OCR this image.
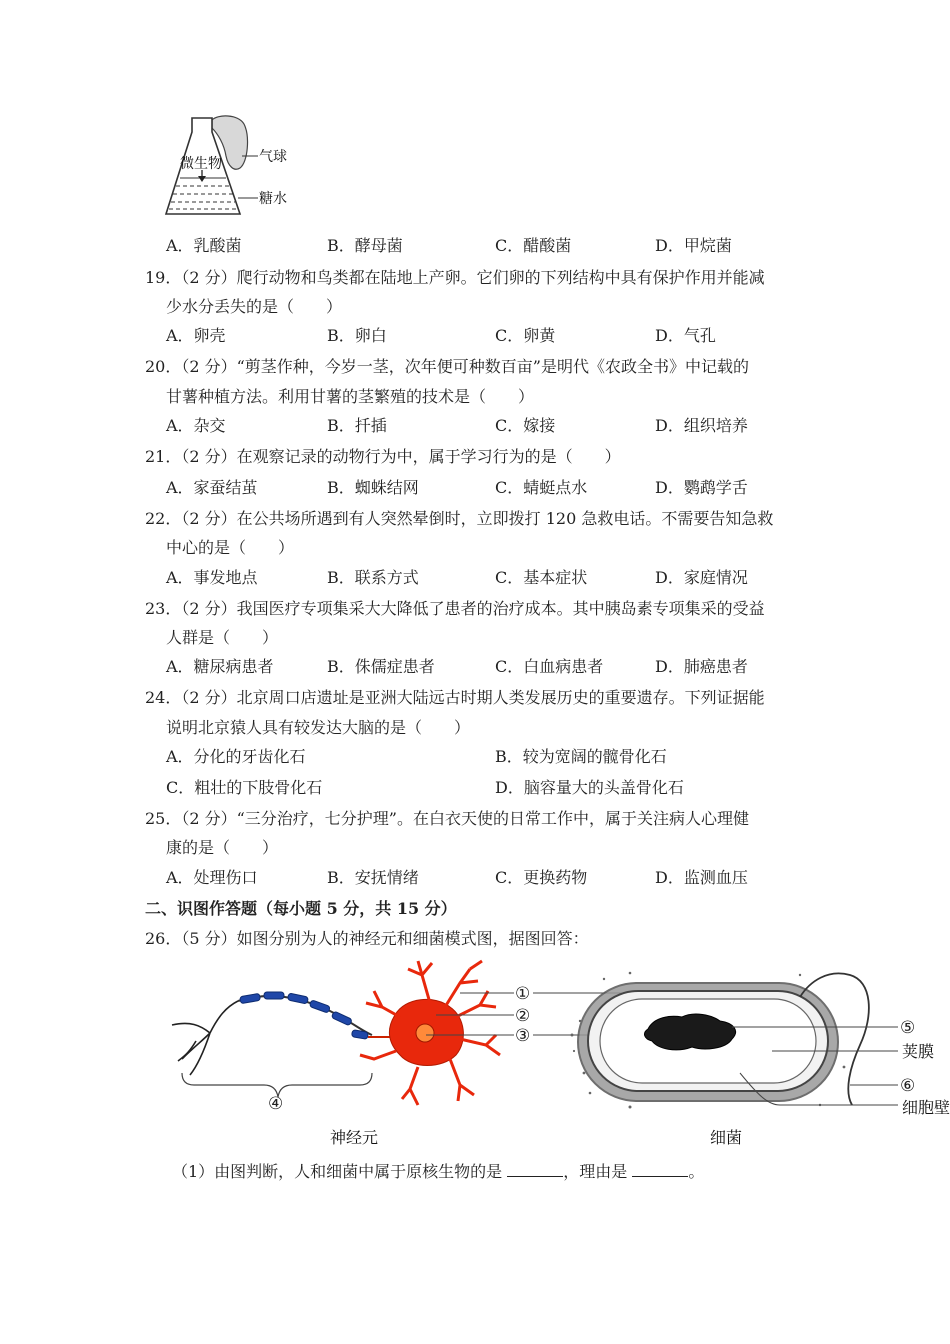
微生物	气球
糖水
A．乳酸菌	B．酵母菌	C．醋酸菌	D．甲烷菌
19．（2 分）爬行动物和鸟类都在陆地上产卵。它们卵的下列结构中具有保护作用并能减
少水分丢失的是（　　）
A．卵壳	B．卵白	C．卵黄	D．气孔
20．（2 分）“剪茎作种，今岁一茎，次年便可种数百亩”是明代《农政全书》中记载的
甘薯种植方法。利用甘薯的茎繁殖的技术是（　　）
A．杂交	B．扦插	C．嫁接	D．组织培养
21．（2 分）在观察记录的动物行为中，属于学习行为的是（　　）
A．家蚕结茧	B．蜘蛛结网	C．蜻蜓点水	D．鹦鹉学舌
22．（2 分）在公共场所遇到有人突然晕倒时，立即拨打 120 急救电话。不需要告知急救
中心的是（　　）
A．事发地点	B．联系方式	C．基本症状	D．家庭情况
23．（2 分）我国医疗专项集采大大降低了患者的治疗成本。其中胰岛素专项集采的受益
人群是（　　）
A．糖尿病患者	B．侏儒症患者	C．白血病患者	D．肺癌患者
24．（2 分）北京周口店遗址是亚洲大陆远古时期人类发展历史的重要遗存。下列证据能
说明北京猿人具有较发达大脑的是（　　）
A．分化的牙齿化石	B．较为宽阔的髋骨化石
C．粗壮的下肢骨化石	D．脑容量大的头盖骨化石
25．（2 分）“三分治疗，七分护理”。在白衣天使的日常工作中，属于关注病人心理健
康的是（　　）
A．处理伤口	B．安抚情绪	C．更换药物	D．监测血压
二、识图作答题（每小题 5 分，共 15 分）
26．（5 分）如图分别为人的神经元和细菌模式图，据图回答：
①
②
③
④
⑤
荚膜
⑥
细胞壁
神经元	细菌
（1）由图判断，人和细菌中属于原核生物的是	，理由是	。
